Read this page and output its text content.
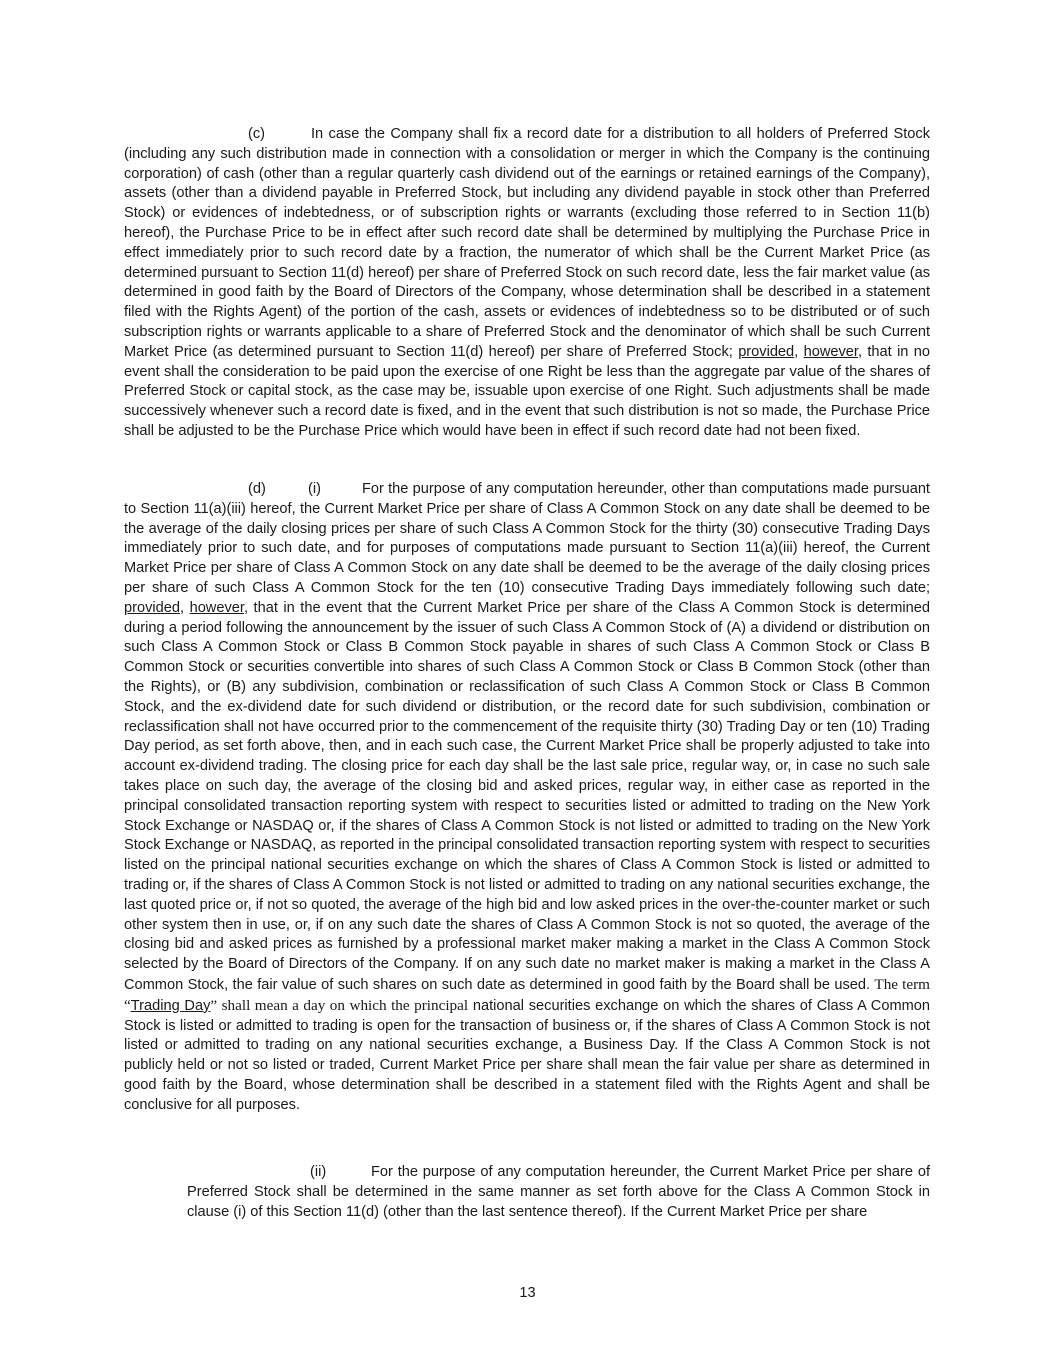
(c)	In case the Company shall fix a record date for a distribution to all holders of Preferred Stock (including any such distribution made in connection with a consolidation or merger in which the Company is the continuing corporation) of cash (other than a regular quarterly cash dividend out of the earnings or retained earnings of the Company), assets (other than a dividend payable in Preferred Stock, but including any dividend payable in stock other than Preferred Stock) or evidences of indebtedness, or of subscription rights or warrants (excluding those referred to in Section 11(b) hereof), the Purchase Price to be in effect after such record date shall be determined by multiplying the Purchase Price in effect immediately prior to such record date by a fraction, the numerator of which shall be the Current Market Price (as determined pursuant to Section 11(d) hereof) per share of Preferred Stock on such record date, less the fair market value (as determined in good faith by the Board of Directors of the Company, whose determination shall be described in a statement filed with the Rights Agent) of the portion of the cash, assets or evidences of indebtedness so to be distributed or of such subscription rights or warrants applicable to a share of Preferred Stock and the denominator of which shall be such Current Market Price (as determined pursuant to Section 11(d) hereof) per share of Preferred Stock; provided, however, that in no event shall the consideration to be paid upon the exercise of one Right be less than the aggregate par value of the shares of Preferred Stock or capital stock, as the case may be, issuable upon exercise of one Right. Such adjustments shall be made successively whenever such a record date is fixed, and in the event that such distribution is not so made, the Purchase Price shall be adjusted to be the Purchase Price which would have been in effect if such record date had not been fixed.

(d)	(i)	For the purpose of any computation hereunder, other than computations made pursuant to Section 11(a)(iii) hereof, the Current Market Price per share of Class A Common Stock on any date shall be deemed to be the average of the daily closing prices per share of such Class A Common Stock for the thirty (30) consecutive Trading Days immediately prior to such date, and for purposes of computations made pursuant to Section 11(a)(iii) hereof, the Current Market Price per share of Class A Common Stock on any date shall be deemed to be the average of the daily closing prices per share of such Class A Common Stock for the ten (10) consecutive Trading Days immediately following such date; provided, however, that in the event that the Current Market Price per share of the Class A Common Stock is determined during a period following the announcement by the issuer of such Class A Common Stock of (A) a dividend or distribution on such Class A Common Stock or Class B Common Stock payable in shares of such Class A Common Stock or Class B Common Stock or securities convertible into shares of such Class A Common Stock or Class B Common Stock (other than the Rights), or (B) any subdivision, combination or reclassification of such Class A Common Stock or Class B Common Stock, and the ex-dividend date for such dividend or distribution, or the record date for such subdivision, combination or reclassification shall not have occurred prior to the commencement of the requisite thirty (30) Trading Day or ten (10) Trading Day period, as set forth above, then, and in each such case, the Current Market Price shall be properly adjusted to take into account ex-dividend trading. The closing price for each day shall be the last sale price, regular way, or, in case no such sale takes place on such day, the average of the closing bid and asked prices, regular way, in either case as reported in the principal consolidated transaction reporting system with respect to securities listed or admitted to trading on the New York Stock Exchange or NASDAQ or, if the shares of Class A Common Stock is not listed or admitted to trading on the New York Stock Exchange or NASDAQ, as reported in the principal consolidated transaction reporting system with respect to securities listed on the principal national securities exchange on which the shares of Class A Common Stock is listed or admitted to trading or, if the shares of Class A Common Stock is not listed or admitted to trading on any national securities exchange, the last quoted price or, if not so quoted, the average of the high bid and low asked prices in the over-the-counter market or such other system then in use, or, if on any such date the shares of Class A Common Stock is not so quoted, the average of the closing bid and asked prices as furnished by a professional market maker making a market in the Class A Common Stock selected by the Board of Directors of the Company. If on any such date no market maker is making a market in the Class A Common Stock, the fair value of such shares on such date as determined in good faith by the Board shall be used. The term “Trading Day” shall mean a day on which the principal national securities exchange on which the shares of Class A Common Stock is listed or admitted to trading is open for the transaction of business or, if the shares of Class A Common Stock is not listed or admitted to trading on any national securities exchange, a Business Day. If the Class A Common Stock is not publicly held or not so listed or traded, Current Market Price per share shall mean the fair value per share as determined in good faith by the Board, whose determination shall be described in a statement filed with the Rights Agent and shall be conclusive for all purposes.

(ii)	For the purpose of any computation hereunder, the Current Market Price per share of Preferred Stock shall be determined in the same manner as set forth above for the Class A Common Stock in clause (i) of this Section 11(d) (other than the last sentence thereof). If the Current Market Price per share

13
